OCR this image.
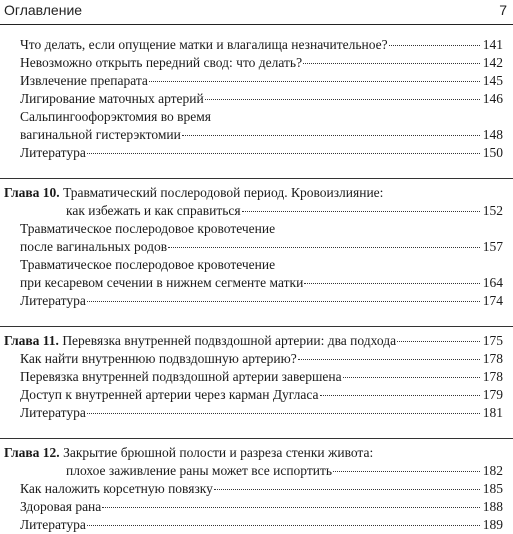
Оглавление	7
Что делать, если опущение матки и влагалища незначительное?	141
Невозможно открыть передний свод: что делать?	142
Извлечение препарата	145
Лигирование маточных артерий	146
Сальпингоофорэктомия во время
вагинальной гистерэктомии	148
Литература	150
Глава 10. Травматический послеродовой период. Кровоизлияние:
как избежать и как справиться	152
Травматическое послеродовое кровотечение
после вагинальных родов	157
Травматическое послеродовое кровотечение
при кесаревом сечении в нижнем сегменте матки	164
Литература	174
Глава 11. Перевязка внутренней подвздошной артерии: два подхода	175
Как найти внутреннюю подвздошную артерию?	178
Перевязка внутренней подвздошной артерии завершена	178
Доступ к внутренней артерии через карман Дугласа	179
Литература	181
Глава 12. Закрытие брюшной полости и разреза стенки живота:
плохое заживление раны может все испортить	182
Как наложить корсетную повязку	185
Здоровая рана	188
Литература	189
